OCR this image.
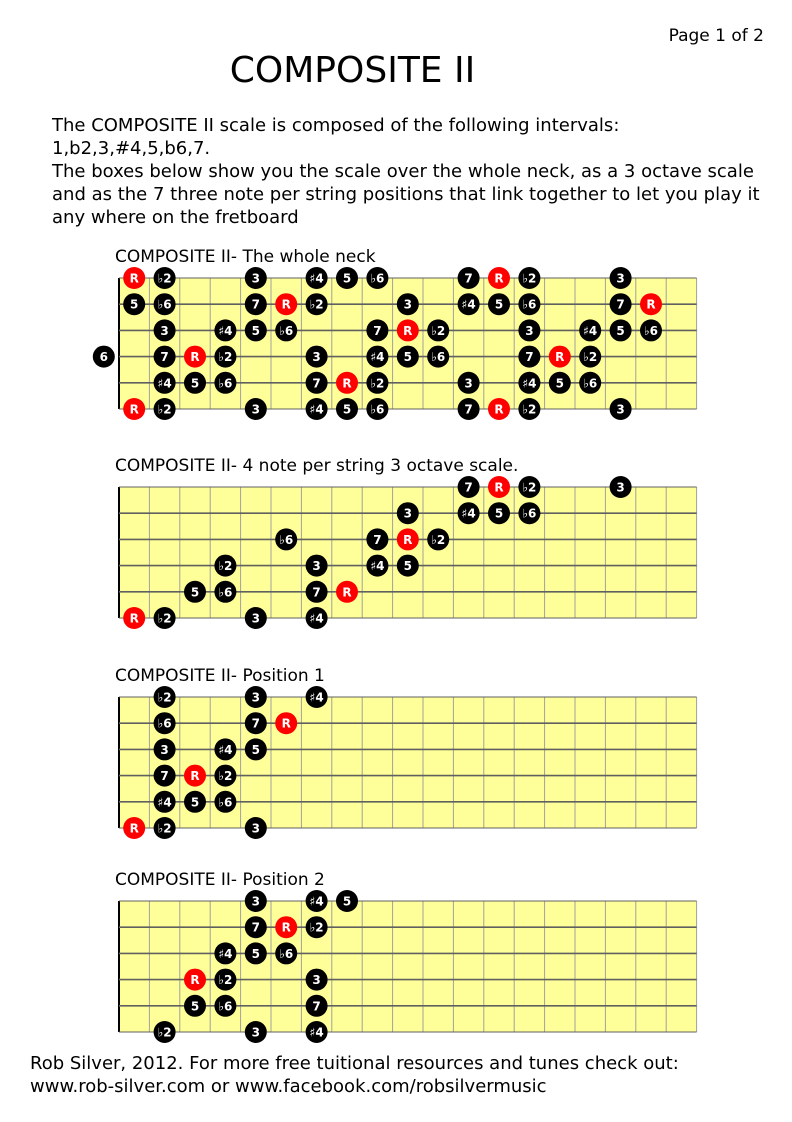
Page 1 of 2
COMPOSITE II

The COMPOSITE II scale is composed of the following intervals:

1,b2,3,#4,5,b6,7.

The boxes below show you the scale over the whole neck, as a 3 octave scale and as the 7 three note per string positions that link together to let you play it any where on the fretboard

COMPOSITE II- The whole neck
R ♭2	3	♯4 5 ♭6	7 R ♭2	3
5 ♭6	7 R ♭2	3	♯4 5 ♭6	7 R
3	♯4 5 ♭6	7 R ♭2	3	♯4 5 ♭6
6	7 R ♭2	3	♯4 5 ♭6	7 R ♭2
♯4 5 ♭6	7 R ♭2	3	♯4 5 ♭6
R ♭2	3	♯4 5 ♭6	7 R ♭2	3
COMPOSITE II- 4 note per string 3 octave scale.
7 R ♭2	3
3	♯4 5 ♭6
♭6	7 R ♭2
♭2	3	♯4 5
5 ♭6	7 R
R ♭2	3	♯4
COMPOSITE II- Position 1
♭2	3	♯4
♭6	7 R
3	♯4 5
7 R ♭2
♯4 5 ♭6
R ♭2	3
COMPOSITE II- Position 2
3	♯4 5
7 R ♭2
♯4 5 ♭6
R ♭2	3
5 ♭6	7
♭2	3	♯4
Rob Silver, 2012. For more free tuitional resources and tunes check out:
www.rob-silver.com or www.facebook.com/robsilvermusic
